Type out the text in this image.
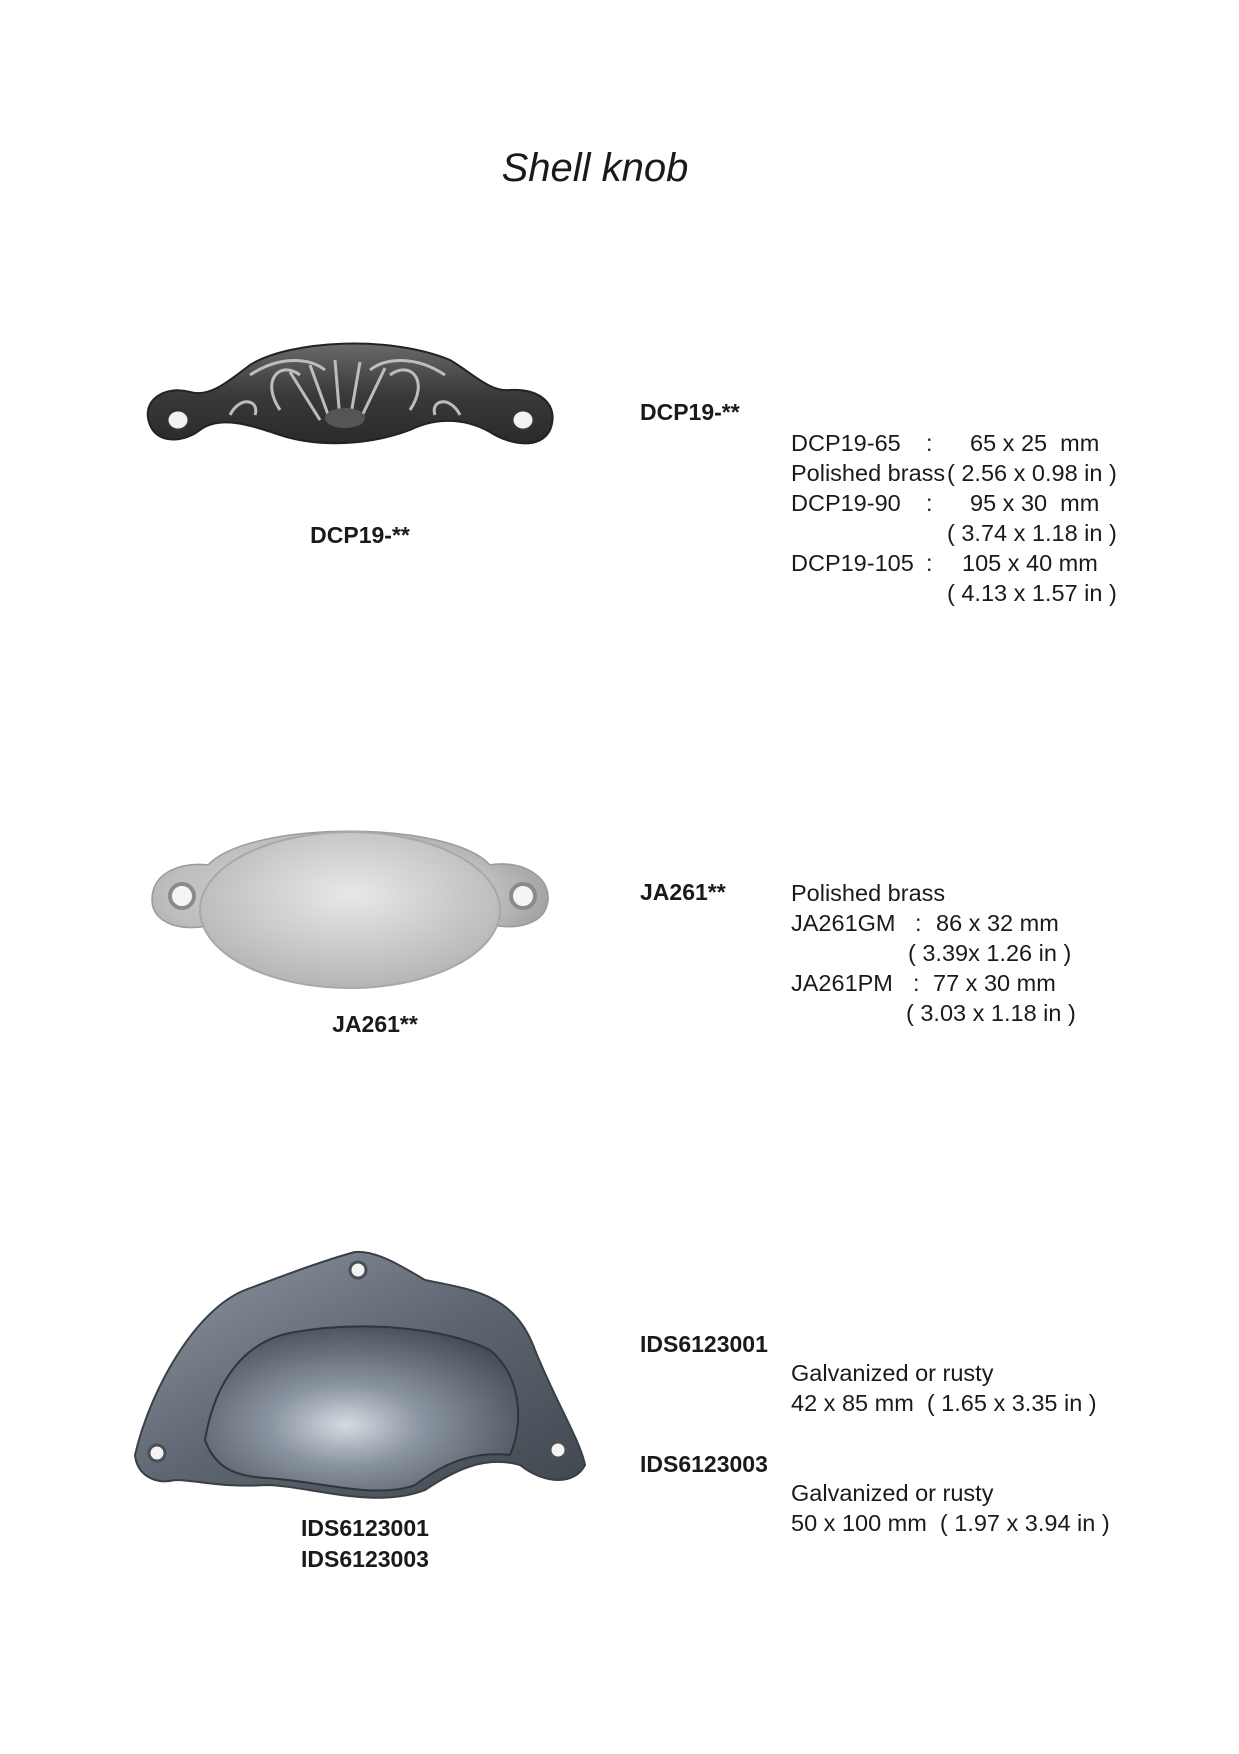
Shell knob
DCP19-**
DCP19-**

Polished brass

DCP19-65 : 65 x 25  mm
( 2.56 x 0.98 in )
DCP19-90 : 95 x 30  mm
( 3.74 x 1.18 in )
DCP19-105 : 105 x 40 mm
( 4.13 x 1.57 in )
JA261**
JA261**	Polished brass
JA261GM : 86 x 32 mm
( 3.39x 1.26 in )
JA261PM : 77 x 30 mm
( 3.03 x 1.18 in )
IDS6123001
IDS6123003
IDS6123001
Galvanized or rusty
42 x 85 mm  ( 1.65 x 3.35 in )
IDS6123003
Galvanized or rusty
50 x 100 mm  ( 1.97 x 3.94 in )
